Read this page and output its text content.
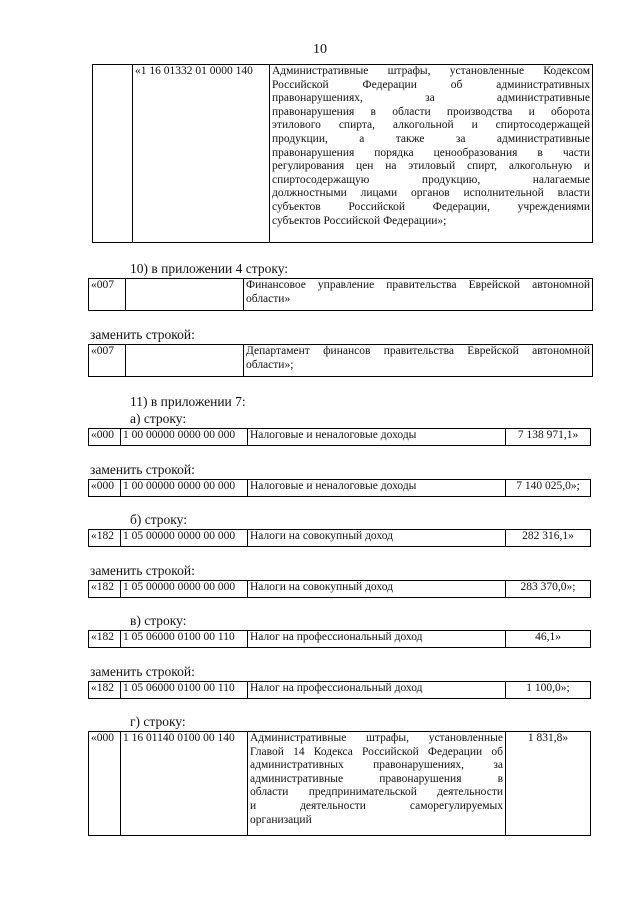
10
	«1 16 01332 01 0000 140	Административные штрафы, установленные Кодексом
Российской Федерации об административных
правонарушениях, за административные
правонарушения в области производства и оборота
этилового спирта, алкогольной и спиртосодержащей
продукции, а также за административные
правонарушения порядка ценообразования в части
регулирования цен на этиловый спирт, алкогольную и
спиртосодержащую продукцию, налагаемые
должностными лицами органов исполнительной власти
субъектов Российской Федерации, учреждениями
субъектов Российской Федерации»;
10) в приложении 4 строку:
«007		Финансовое управление правительства Еврейской автономной
области»
заменить строкой:
«007		Департамент финансов правительства Еврейской автономной
области»;
11) в приложении 7:
а) строку:
«000	1 00 00000 0000 00 000	Налоговые и неналоговые доходы	7 138 971,1»
заменить строкой:
«000	1 00 00000 0000 00 000	Налоговые и неналоговые доходы	7 140 025,0»;
б) строку:
«182	1 05 00000 0000 00 000	Налоги на совокупный доход	282 316,1»
заменить строкой:
«182	1 05 00000 0000 00 000	Налоги на совокупный доход	283 370,0»;
в) строку:
«182	1 05 06000 0100 00 110	Налог на профессиональный доход	46,1»
заменить строкой:
«182	1 05 06000 0100 00 110	Налог на профессиональный доход	1 100,0»;
г) строку:
«000	1 16 01140 0100 00 140	Административные штрафы, установленные
Главой 14 Кодекса Российской Федерации об
административных правонарушениях, за
административные правонарушения в
области предпринимательской деятельности
и деятельности саморегулируемых
организаций
	1 831,8»
